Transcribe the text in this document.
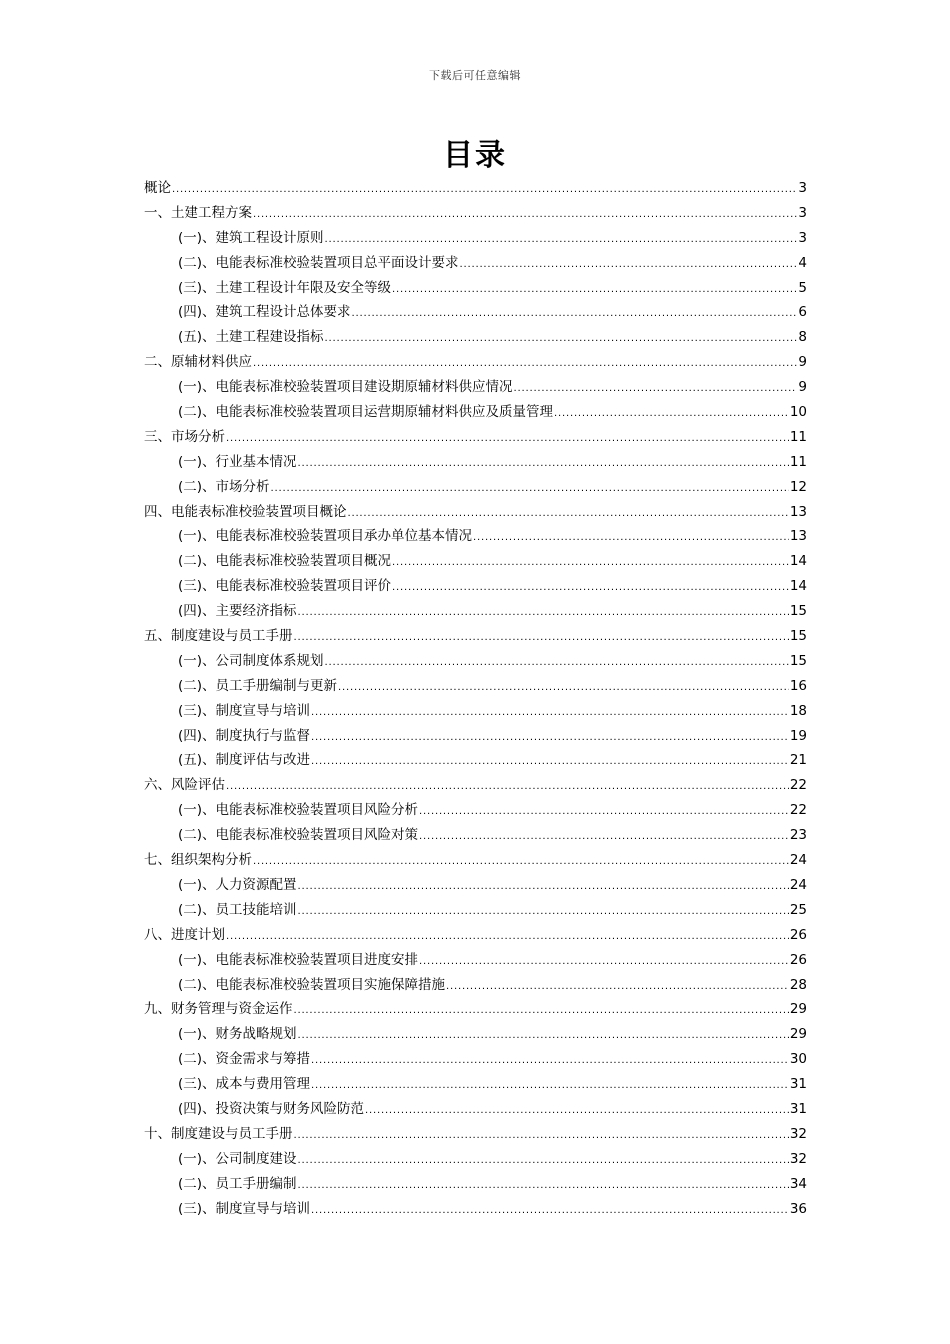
下载后可任意编辑
目录
概论 .....	3
一、土建工程方案 .....	3
(一)、建筑工程设计原则 .....	3
(二)、电能表标准校验装置项目总平面设计要求 .....	4
(三)、土建工程设计年限及安全等级 .....	5
(四)、建筑工程设计总体要求 .....	6
(五)、土建工程建设指标 .....	8
二、原辅材料供应 .....	9
(一)、电能表标准校验装置项目建设期原辅材料供应情况 .....	9
(二)、电能表标准校验装置项目运营期原辅材料供应及质量管理 .....	10
三、市场分析 .....	11
(一)、行业基本情况 .....	11
(二)、市场分析 .....	12
四、电能表标准校验装置项目概论 .....	13
(一)、电能表标准校验装置项目承办单位基本情况 .....	13
(二)、电能表标准校验装置项目概况 .....	14
(三)、电能表标准校验装置项目评价 .....	14
(四)、主要经济指标 .....	15
五、制度建设与员工手册 .....	15
(一)、公司制度体系规划 .....	15
(二)、员工手册编制与更新 .....	16
(三)、制度宣导与培训 .....	18
(四)、制度执行与监督 .....	19
(五)、制度评估与改进 .....	21
六、风险评估 .....	22
(一)、电能表标准校验装置项目风险分析 .....	22
(二)、电能表标准校验装置项目风险对策 .....	23
七、组织架构分析 .....	24
(一)、人力资源配置 .....	24
(二)、员工技能培训 .....	25
八、进度计划 .....	26
(一)、电能表标准校验装置项目进度安排 .....	26
(二)、电能表标准校验装置项目实施保障措施 .....	28
九、财务管理与资金运作 .....	29
(一)、财务战略规划 .....	29
(二)、资金需求与筹措 .....	30
(三)、成本与费用管理 .....	31
(四)、投资决策与财务风险防范 .....	31
十、制度建设与员工手册 .....	32
(一)、公司制度建设 .....	32
(二)、员工手册编制 .....	34
(三)、制度宣导与培训 .....	36
